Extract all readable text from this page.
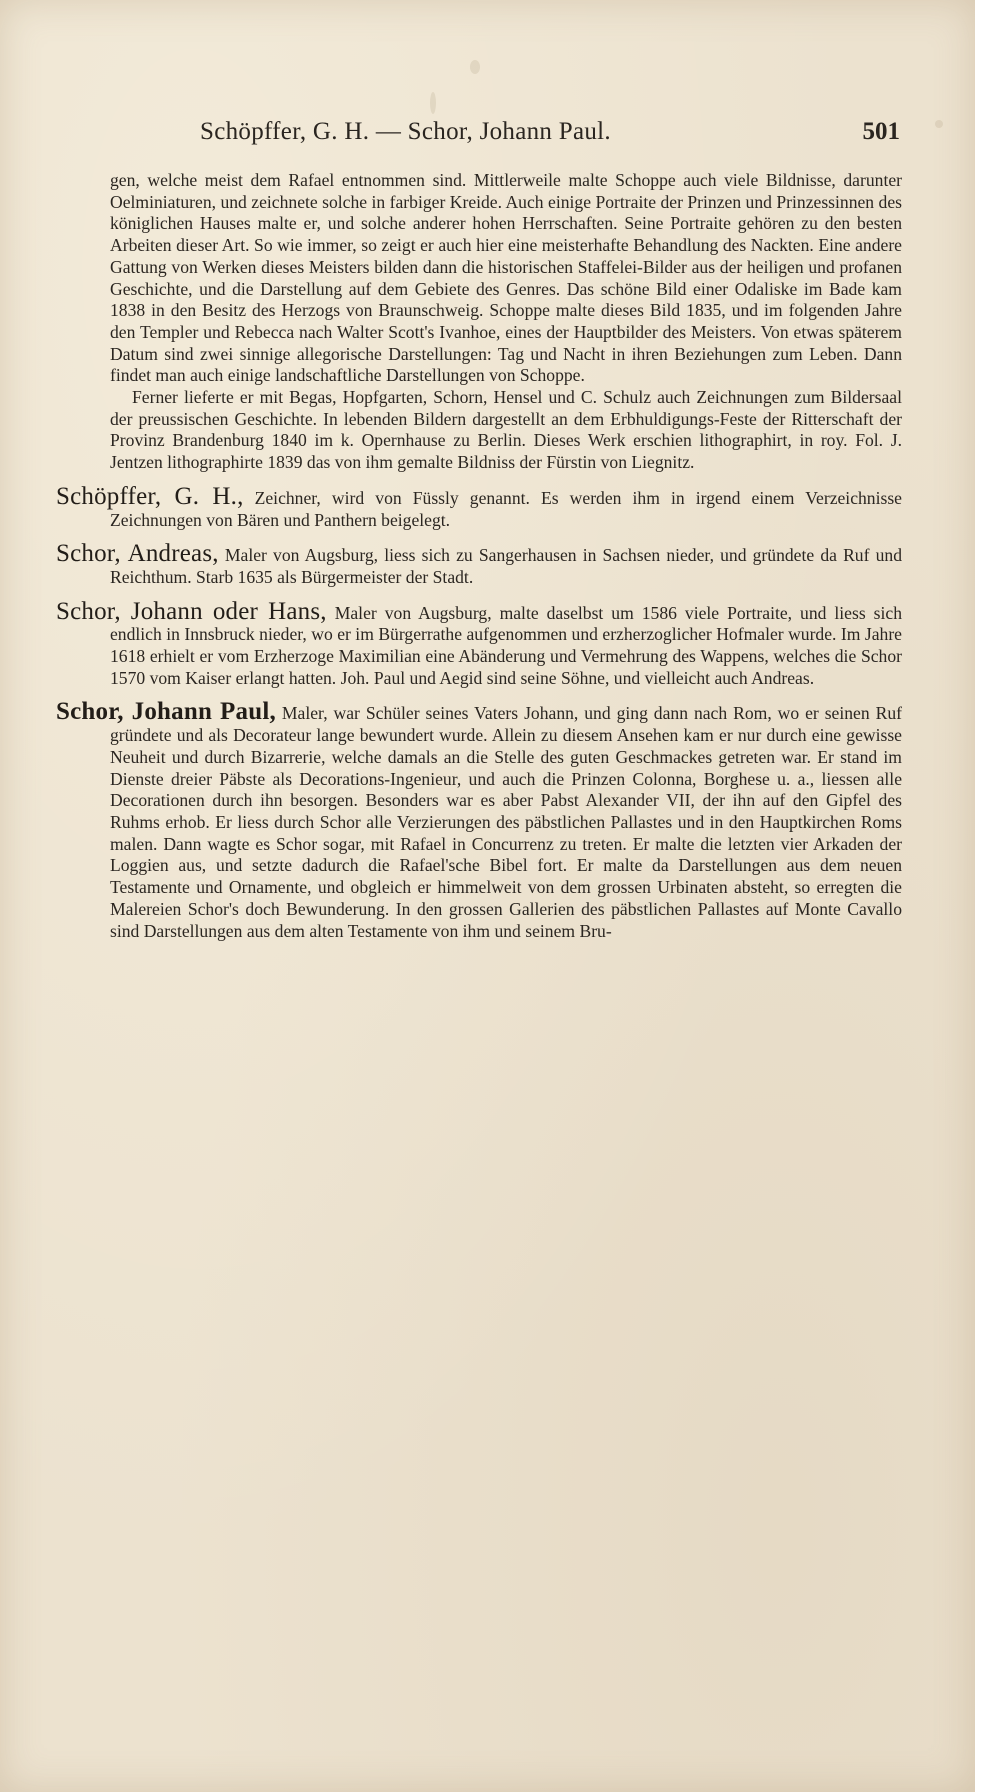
Schöpffer, G. H. — Schor, Johann Paul.	501

gen, welche meist dem Rafael entnommen sind. Mittlerweile malte Schoppe auch viele Bildnisse, darunter Oelminiaturen, und zeichnete solche in farbiger Kreide. Auch einige Portraite der Prinzen und Prinzessinnen des königlichen Hauses malte er, und solche anderer hohen Herrschaften. Seine Portraite gehören zu den besten Arbeiten dieser Art. So wie immer, so zeigt er auch hier eine meisterhafte Behandlung des Nackten. Eine andere Gattung von Werken dieses Meisters bilden dann die historischen Staffelei-Bilder aus der heiligen und profanen Geschichte, und die Darstellung auf dem Gebiete des Genres. Das schöne Bild einer Odaliske im Bade kam 1838 in den Besitz des Herzogs von Braunschweig. Schoppe malte dieses Bild 1835, und im folgenden Jahre den Templer und Rebecca nach Walter Scott's Ivanhoe, eines der Hauptbilder des Meisters. Von etwas späterem Datum sind zwei sinnige allegorische Darstellungen: Tag und Nacht in ihren Beziehungen zum Leben. Dann findet man auch einige landschaftliche Darstellungen von Schoppe.

Ferner lieferte er mit Begas, Hopfgarten, Schorn, Hensel und C. Schulz auch Zeichnungen zum Bildersaal der preussischen Geschichte. In lebenden Bildern dargestellt an dem Erbhuldigungs-Feste der Ritterschaft der Provinz Brandenburg 1840 im k. Opernhause zu Berlin. Dieses Werk erschien lithographirt, in roy. Fol. J. Jentzen lithographirte 1839 das von ihm gemalte Bildniss der Fürstin von Liegnitz.

Schöpffer, G. H., Zeichner, wird von Füssly genannt. Es werden ihm in irgend einem Verzeichnisse Zeichnungen von Bären und Panthern beigelegt.

Schor, Andreas, Maler von Augsburg, liess sich zu Sangerhausen in Sachsen nieder, und gründete da Ruf und Reichthum. Starb 1635 als Bürgermeister der Stadt.

Schor, Johann oder Hans, Maler von Augsburg, malte daselbst um 1586 viele Portraite, und liess sich endlich in Innsbruck nieder, wo er im Bürgerrathe aufgenommen und erzherzoglicher Hofmaler wurde. Im Jahre 1618 erhielt er vom Erzherzoge Maximilian eine Abänderung und Vermehrung des Wappens, welches die Schor 1570 vom Kaiser erlangt hatten. Joh. Paul und Aegid sind seine Söhne, und vielleicht auch Andreas.

Schor, Johann Paul, Maler, war Schüler seines Vaters Johann, und ging dann nach Rom, wo er seinen Ruf gründete und als Decorateur lange bewundert wurde. Allein zu diesem Ansehen kam er nur durch eine gewisse Neuheit und durch Bizarrerie, welche damals an die Stelle des guten Geschmackes getreten war. Er stand im Dienste dreier Päbste als Decorations-Ingenieur, und auch die Prinzen Colonna, Borghese u. a., liessen alle Decorationen durch ihn besorgen. Besonders war es aber Pabst Alexander VII, der ihn auf den Gipfel des Ruhms erhob. Er liess durch Schor alle Verzierungen des päbstlichen Pallastes und in den Hauptkirchen Roms malen. Dann wagte es Schor sogar, mit Rafael in Concurrenz zu treten. Er malte die letzten vier Arkaden der Loggien aus, und setzte dadurch die Rafael'sche Bibel fort. Er malte da Darstellungen aus dem neuen Testamente und Ornamente, und obgleich er himmelweit von dem grossen Urbinaten absteht, so erregten die Malereien Schor's doch Bewunderung. In den grossen Gallerien des päbstlichen Pallastes auf Monte Cavallo sind Darstellungen aus dem alten Testamente von ihm und seinem Bru-
